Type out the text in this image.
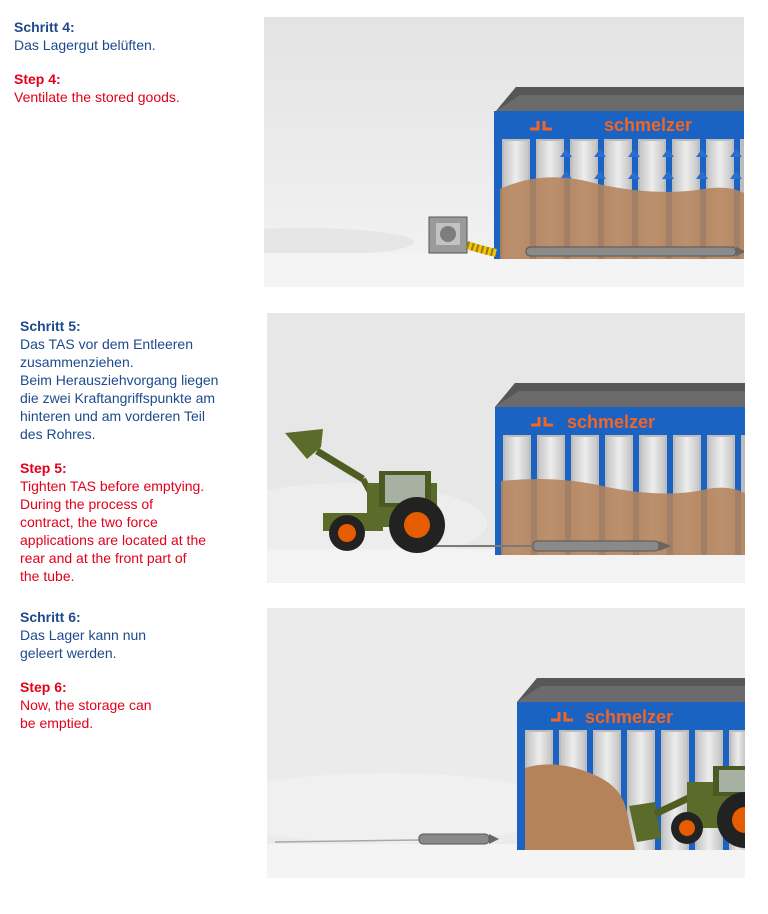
Schritt 4:
Das Lagergut belüften.
Step 4:
Ventilate the stored goods.
Schritt 5:
Das TAS vor dem Entleeren
zusammenziehen.
Beim Herausziehvorgang liegen
die zwei Kraftangriffspunkte am
hinteren und am vorderen Teil
des Rohres.
Step 5:
Tighten TAS before emptying.
During the process of
contract, the two force
applications are located at the
rear and at the front part of
the tube.
Schritt 6:
Das Lager kann nun
geleert werden.
Step 6:
Now, the storage can
be emptied.
schmelzer
schmelzer
schmelzer
